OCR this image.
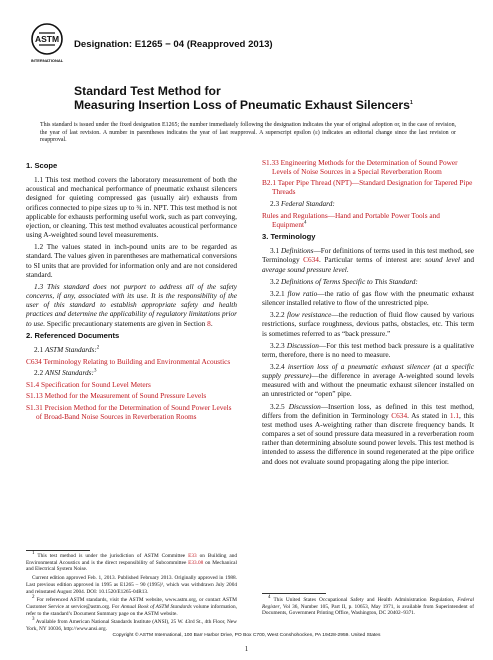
ASTM
INTERNATIONAL
Designation: E1265 − 04 (Reapproved 2013)
Standard Test Method for
Measuring Insertion Loss of Pneumatic Exhaust Silencers$^1$
This standard is issued under the fixed designation E1265; the number immediately following the designation indicates the year of original adoption or, in the case of revision, the year of last revision. A number in parentheses indicates the year of last reapproval. A superscript epsilon (ε) indicates an editorial change since the last revision or reapproval.
1. Scope

1.1 This test method covers the laboratory measurement of both the acoustical and mechanical performance of pneumatic exhaust silencers designed for quieting compressed gas (usually air) exhausts from orifices connected to pipe sizes up to ¾ in. NPT. This test method is not applicable for exhausts performing useful work, such as part conveying, ejection, or cleaning. This test method evaluates acoustical performance using A-weighted sound level measurements.

1.2 The values stated in inch-pound units are to be regarded as standard. The values given in parentheses are mathematical conversions to SI units that are provided for information only and are not considered standard.

1.3 This standard does not purport to address all of the safety concerns, if any, associated with its use. It is the responsibility of the user of this standard to establish appropriate safety and health practices and determine the applicability of regulatory limitations prior to use. Specific precautionary statements are given in Section 8.

2. Referenced Documents

2.1 ASTM Standards:$^2$

C634 Terminology Relating to Building and Environmental Acoustics

2.2 ANSI Standards:$^3$

S1.4 Specification for Sound Level Meters
S1.13 Method for the Measurement of Sound Pressure Levels
S1.31 Precision Method for the Determination of Sound Power Levels of Broad-Band Noise Sources in Reverberation Rooms
S1.33 Engineering Methods for the Determination of Sound Power Levels of Noise Sources in a Special Reverberation Room
B2.1 Taper Pipe Thread (NPT)—Standard Designation for Tapered Pipe Threads

2.3 Federal Standard:

Rules and Regulations—Hand and Portable Power Tools and Equipment$^4$
3. Terminology

3.1 Definitions—For definitions of terms used in this test method, see Terminology C634. Particular terms of interest are: sound level and average sound pressure level.

3.2 Definitions of Terms Specific to This Standard:

3.2.1 flow ratio—the ratio of gas flow with the pneumatic exhaust silencer installed relative to flow of the unrestricted pipe.

3.2.2 flow resistance—the reduction of fluid flow caused by various restrictions, surface roughness, devious paths, obstacles, etc. This term is sometimes referred to as “back pressure.”

3.2.3 Discussion—For this test method back pressure is a qualitative term, therefore, there is no need to measure.

3.2.4 insertion loss of a pneumatic exhaust silencer (at a specific supply pressure)—the difference in average A-weighted sound levels measured with and without the pneumatic exhaust silencer installed on an unrestricted or “open” pipe.

3.2.5 Discussion—Insertion loss, as defined in this test method, differs from the definition in Terminology C634. As stated in 1.1, this test method uses A-weighting rather than discrete frequency bands. It compares a set of sound pressure data measured in a reverberation room rather than determining absolute sound power levels. This test method is intended to assess the difference in sound regenerated at the pipe orifice and does not evaluate sound propagating along the pipe interior.

1 This test method is under the jurisdiction of ASTM Committee E33 on Building and Environmental Acoustics and is the direct responsibility of Subcommittee E33.08 on Mechanical and Electrical System Noise.

Current edition approved Feb. 1, 2013. Published February 2013. Originally approved in 1988. Last previous edition approved in 1995 as E1265 – 90 (1995)¹, which was withdrawn July 2004 and reinstated August 2004. DOI: 10.1520/E1265-04R13.

2 For referenced ASTM standards, visit the ASTM website, www.astm.org, or contact ASTM Customer Service at service@astm.org. For Annual Book of ASTM Standards volume information, refer to the standard’s Document Summary page on the ASTM website.

3 Available from American National Standards Institute (ANSI), 25 W. 43rd St., 4th Floor, New York, NY 10036, http://www.ansi.org.

4 This United States Occupational Safety and Health Administration Regulation, Federal Register, Vol 36, Number 105, Part II, p. 10653, May 1971, is available from Superintendent of Documents, Government Printing Office, Washington, DC 20402–9371.

Copyright © ASTM International, 100 Barr Harbor Drive, PO Box C700, West Conshohocken, PA 19428-2959. United States
1
